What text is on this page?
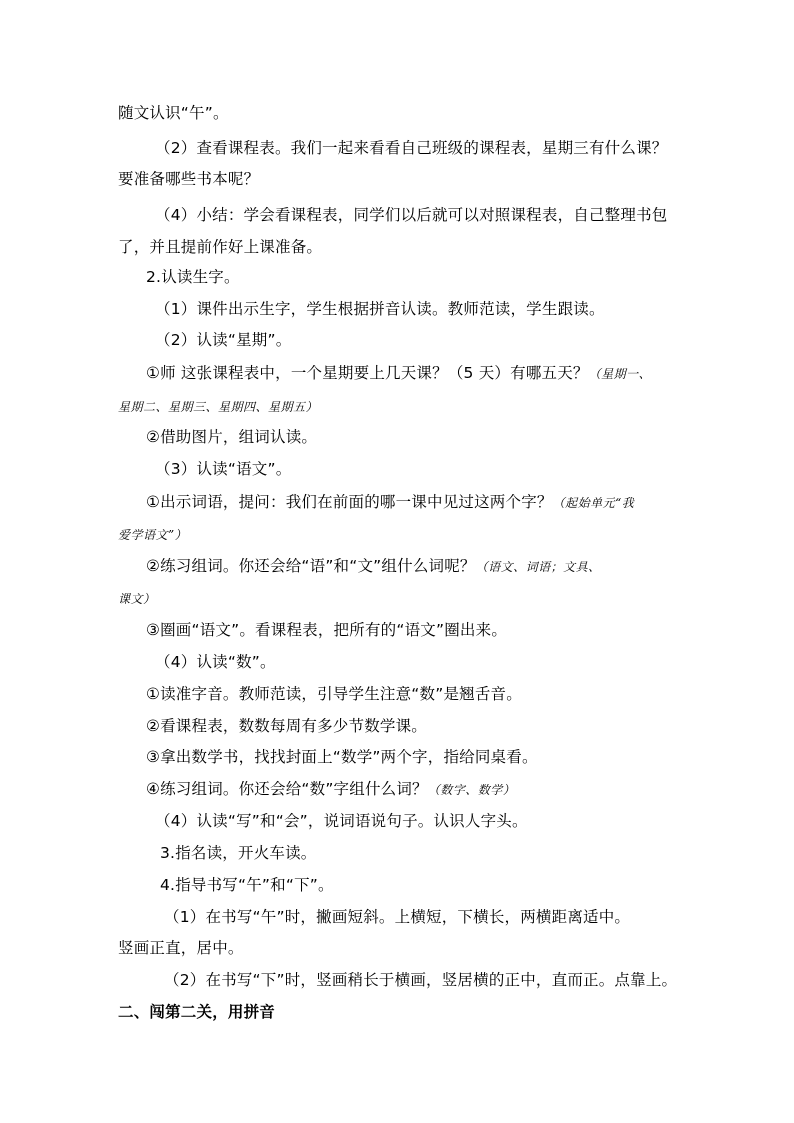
随文认识“午”。
（2）查看课程表。我们一起来看看自己班级的课程表，星期三有什么课？
要准备哪些书本呢？
（4）小结：学会看课程表，同学们以后就可以对照课程表，自己整理书包
了，并且提前作好上课准备。
2.认读生字。
（1）课件出示生字，学生根据拼音认读。教师范读，学生跟读。
（2）认读“星期”。
①师 这张课程表中，一个星期要上几天课？（5 天）有哪五天？（星期一、
星期二、星期三、星期四、星期五）
②借助图片，组词认读。
（3）认读“语文”。
①出示词语，提问：我们在前面的哪一课中见过这两个字？（起始单元“我
爱学语文”）
②练习组词。你还会给“语”和“文”组什么词呢？（语文、词语；文具、
课文）
③圈画“语文”。看课程表，把所有的“语文”圈出来。
（4）认读“数”。
①读准字音。教师范读，引导学生注意“数”是翘舌音。
②看课程表，数数每周有多少节数学课。
③拿出数学书，找找封面上“数学”两个字，指给同桌看。
④练习组词。你还会给“数”字组什么词？（数字、数学）
（4）认读“写”和“会”，说词语说句子。认识人字头。
3.指名读，开火车读。
4.指导书写“午”和“下”。
（1）在书写“午”时，撇画短斜。上横短，下横长，两横距离适中。
竖画正直，居中。
（2）在书写“下”时，竖画稍长于横画，竖居横的正中，直而正。点靠上。
二、闯第二关，用拼音
